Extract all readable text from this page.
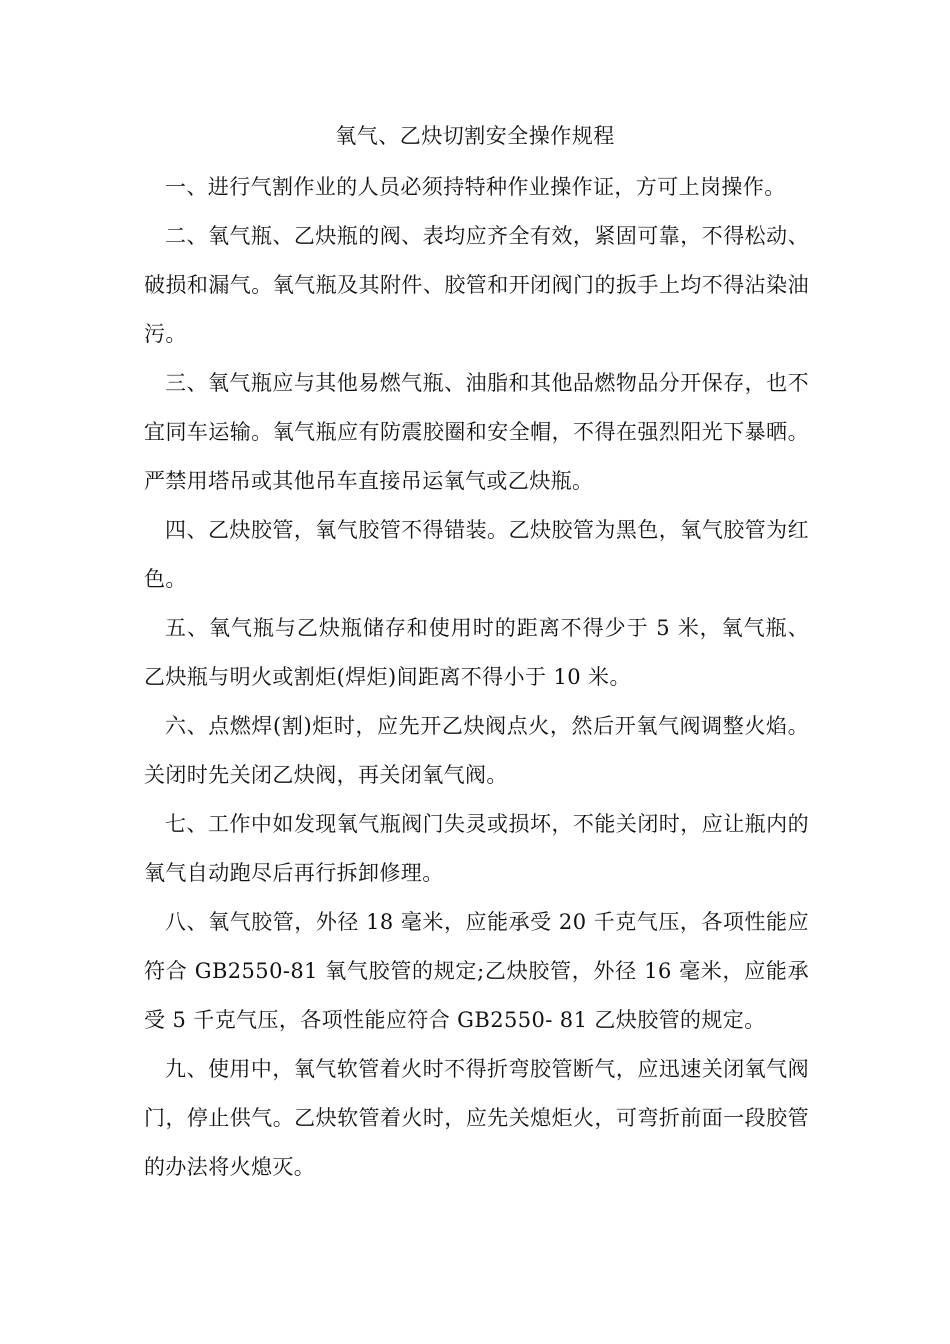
氧气、乙炔切割安全操作规程

一、进行气割作业的人员必须持特种作业操作证，方可上岗操作。

二、氧气瓶、乙炔瓶的阀、表均应齐全有效，紧固可靠，不得松动、破损和漏气。氧气瓶及其附件、胶管和开闭阀门的扳手上均不得沾染油污。

三、氧气瓶应与其他易燃气瓶、油脂和其他品燃物品分开保存，也不宜同车运输。氧气瓶应有防震胶圈和安全帽，不得在强烈阳光下暴晒。严禁用塔吊或其他吊车直接吊运氧气或乙炔瓶。

四、乙炔胶管，氧气胶管不得错装。乙炔胶管为黑色，氧气胶管为红色。

五、氧气瓶与乙炔瓶储存和使用时的距离不得少于 5 米，氧气瓶、乙炔瓶与明火或割炬(焊炬)间距离不得小于 10 米。

六、点燃焊(割)炬时，应先开乙炔阀点火，然后开氧气阀调整火焰。关闭时先关闭乙炔阀，再关闭氧气阀。

七、工作中如发现氧气瓶阀门失灵或损坏，不能关闭时，应让瓶内的氧气自动跑尽后再行拆卸修理。

八、氧气胶管，外径 18 毫米，应能承受 20 千克气压，各项性能应符合 GB2550-81 氧气胶管的规定;乙炔胶管，外径 16 毫米，应能承受 5 千克气压，各项性能应符合 GB2550- 81 乙炔胶管的规定。

九、使用中，氧气软管着火时不得折弯胶管断气，应迅速关闭氧气阀门，停止供气。乙炔软管着火时，应先关熄炬火，可弯折前面一段胶管的办法将火熄灭。
